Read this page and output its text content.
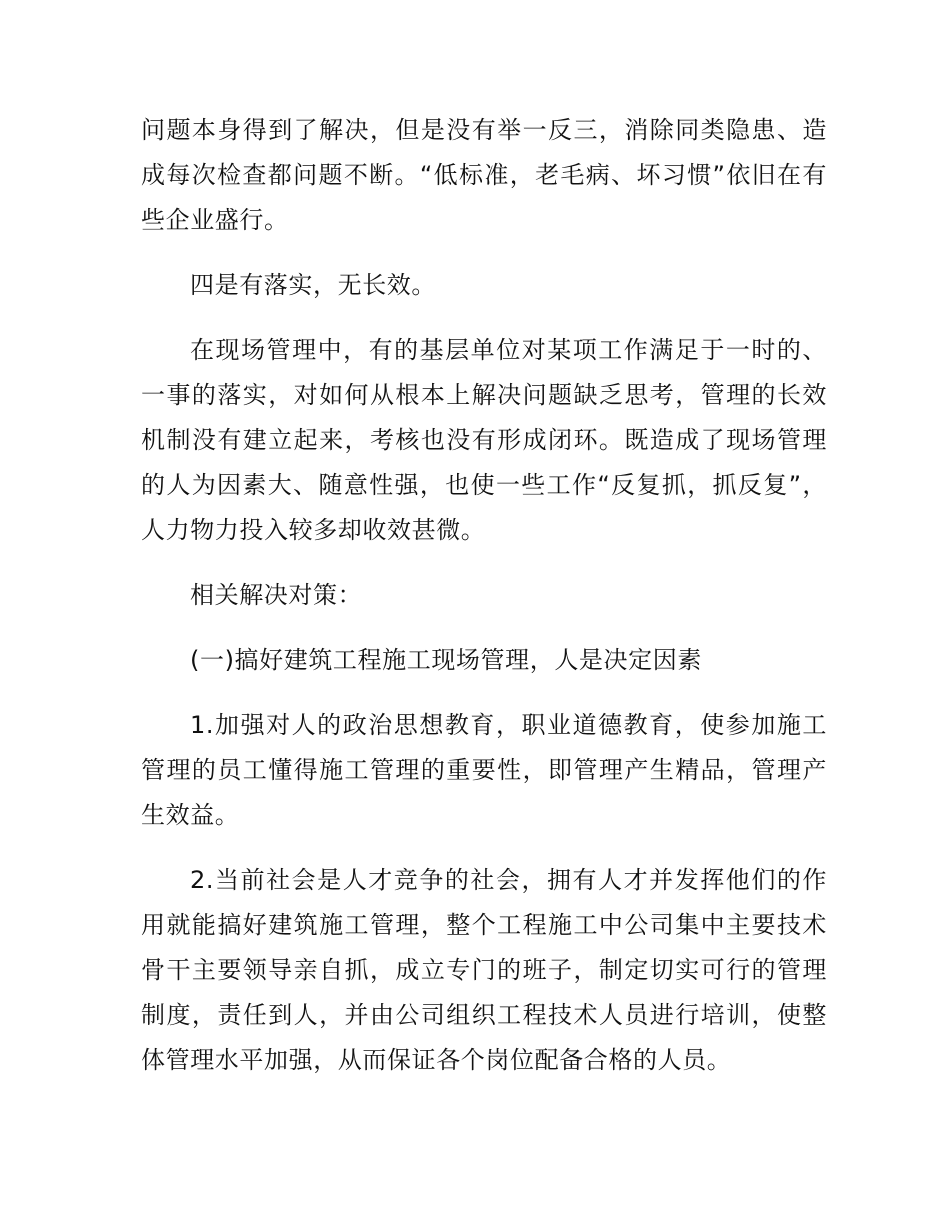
问题本身得到了解决，但是没有举一反三，消除同类隐患、造成每次检查都问题不断。“低标准，老毛病、坏习惯”依旧在有些企业盛行。

四是有落实，无长效。

在现场管理中，有的基层单位对某项工作满足于一时的、一事的落实，对如何从根本上解决问题缺乏思考，管理的长效机制没有建立起来，考核也没有形成闭环。既造成了现场管理的人为因素大、随意性强，也使一些工作“反复抓，抓反复”，人力物力投入较多却收效甚微。

相关解决对策：

(一)搞好建筑工程施工现场管理，人是决定因素

1.加强对人的政治思想教育，职业道德教育，使参加施工管理的员工懂得施工管理的重要性，即管理产生精品，管理产生效益。

2.当前社会是人才竞争的社会，拥有人才并发挥他们的作用就能搞好建筑施工管理，整个工程施工中公司集中主要技术骨干主要领导亲自抓，成立专门的班子，制定切实可行的管理制度，责任到人，并由公司组织工程技术人员进行培训，使整体管理水平加强，从而保证各个岗位配备合格的人员。
